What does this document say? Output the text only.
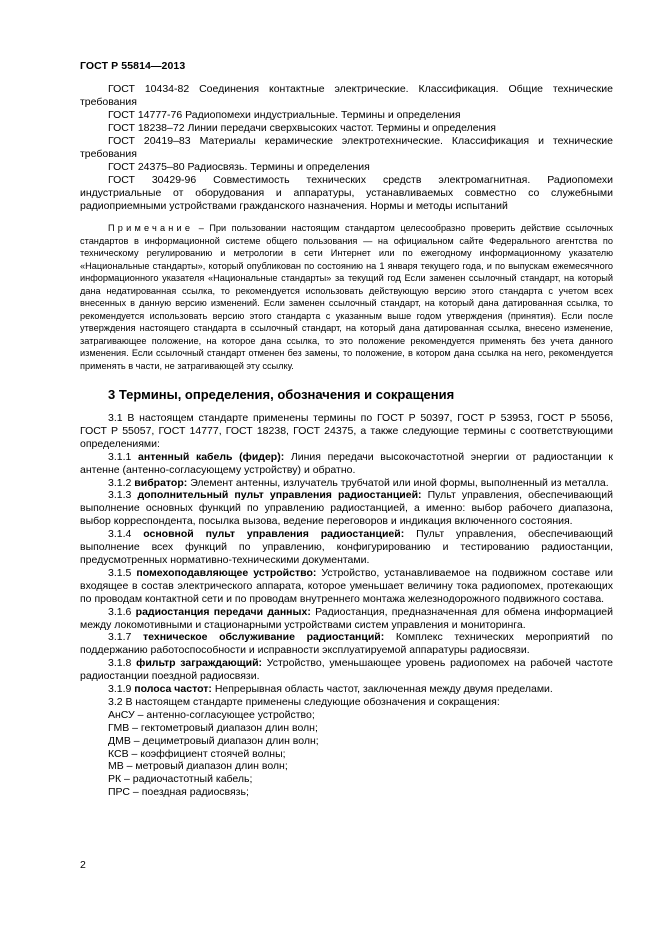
ГОСТ Р 55814—2013

ГОСТ 10434-82 Соединения контактные электрические. Классификация. Общие технические требования

ГОСТ 14777-76 Радиопомехи индустриальные. Термины и определения

ГОСТ 18238–72 Линии передачи сверхвысоких частот. Термины и определения

ГОСТ 20419–83 Материалы керамические электротехнические. Классификация и технические требования

ГОСТ 24375–80 Радиосвязь. Термины и определения

ГОСТ 30429-96 Совместимость технических средств электромагнитная. Радиопомехи индустриальные от оборудования и аппаратуры, устанавливаемых совместно со служебными радиоприемными устройствами гражданского назначения. Нормы и методы испытаний

Примечание – При пользовании настоящим стандартом целесообразно проверить действие ссылочных стандартов в информационной системе общего пользования — на официальном сайте Федерального агентства по техническому регулированию и метрологии в сети Интернет или по ежегодному информационному указателю «Национальные стандарты», который опубликован по состоянию на 1 января текущего года, и по выпускам ежемесячного информационного указателя «Национальные стандарты» за текущий год Если заменен ссылочный стандарт, на который дана недатированная ссылка, то рекомендуется использовать действующую версию этого стандарта с учетом всех внесенных в данную версию изменений. Если заменен ссылочный стандарт, на который дана датированная ссылка, то рекомендуется использовать версию этого стандарта с указанным выше годом утверждения (принятия). Если после утверждения настоящего стандарта в ссылочный стандарт, на который дана датированная ссылка, внесено изменение, затрагивающее положение, на которое дана ссылка, то это положение рекомендуется применять без учета данного изменения. Если ссылочный стандарт отменен без замены, то положение, в котором дана ссылка на него, рекомендуется применять в части, не затрагивающей эту ссылку.

3 Термины, определения, обозначения и сокращения

3.1 В настоящем стандарте применены термины по ГОСТ Р 50397, ГОСТ Р 53953, ГОСТ Р 55056, ГОСТ Р 55057, ГОСТ 14777, ГОСТ 18238, ГОСТ 24375, а также следующие термины с соответствующими определениями:

3.1.1 антенный кабель (фидер): Линия передачи высокочастотной энергии от радиостанции к антенне (антенно-согласующему устройству) и обратно.

3.1.2 вибратор: Элемент антенны, излучатель трубчатой или иной формы, выполненный из металла.

3.1.3 дополнительный пульт управления радиостанцией: Пульт управления, обеспечивающий выполнение основных функций по управлению радиостанцией, а именно: выбор рабочего диапазона, выбор корреспондента, посылка вызова, ведение переговоров и индикация включенного состояния.

3.1.4 основной пульт управления радиостанцией: Пульт управления, обеспечивающий выполнение всех функций по управлению, конфигурированию и тестированию радиостанции, предусмотренных нормативно-техническими документами.

3.1.5 помехоподавляющее устройство: Устройство, устанавливаемое на подвижном составе или входящее в состав электрического аппарата, которое уменьшает величину тока радиопомех, протекающих по проводам контактной сети и по проводам внутреннего монтажа железнодорожного подвижного состава.

3.1.6 радиостанция передачи данных: Радиостанция, предназначенная для обмена информацией между локомотивными и стационарными устройствами систем управления и мониторинга.

3.1.7 техническое обслуживание радиостанций: Комплекс технических мероприятий по поддержанию работоспособности и исправности эксплуатируемой аппаратуры радиосвязи.

3.1.8 фильтр заграждающий: Устройство, уменьшающее уровень радиопомех на рабочей частоте радиостанции поездной радиосвязи.

3.1.9 полоса частот: Непрерывная область частот, заключенная между двумя пределами.

3.2 В настоящем стандарте применены следующие обозначения и сокращения:

АнСУ – антенно-согласующее устройство;

ГМВ – гектометровый диапазон длин волн;

ДМВ – дециметровый диапазон длин волн;

КСВ – коэффициент стоячей волны;

МВ – метровый диапазон длин волн;

РК – радиочастотный кабель;

ПРС – поездная радиосвязь;

2
